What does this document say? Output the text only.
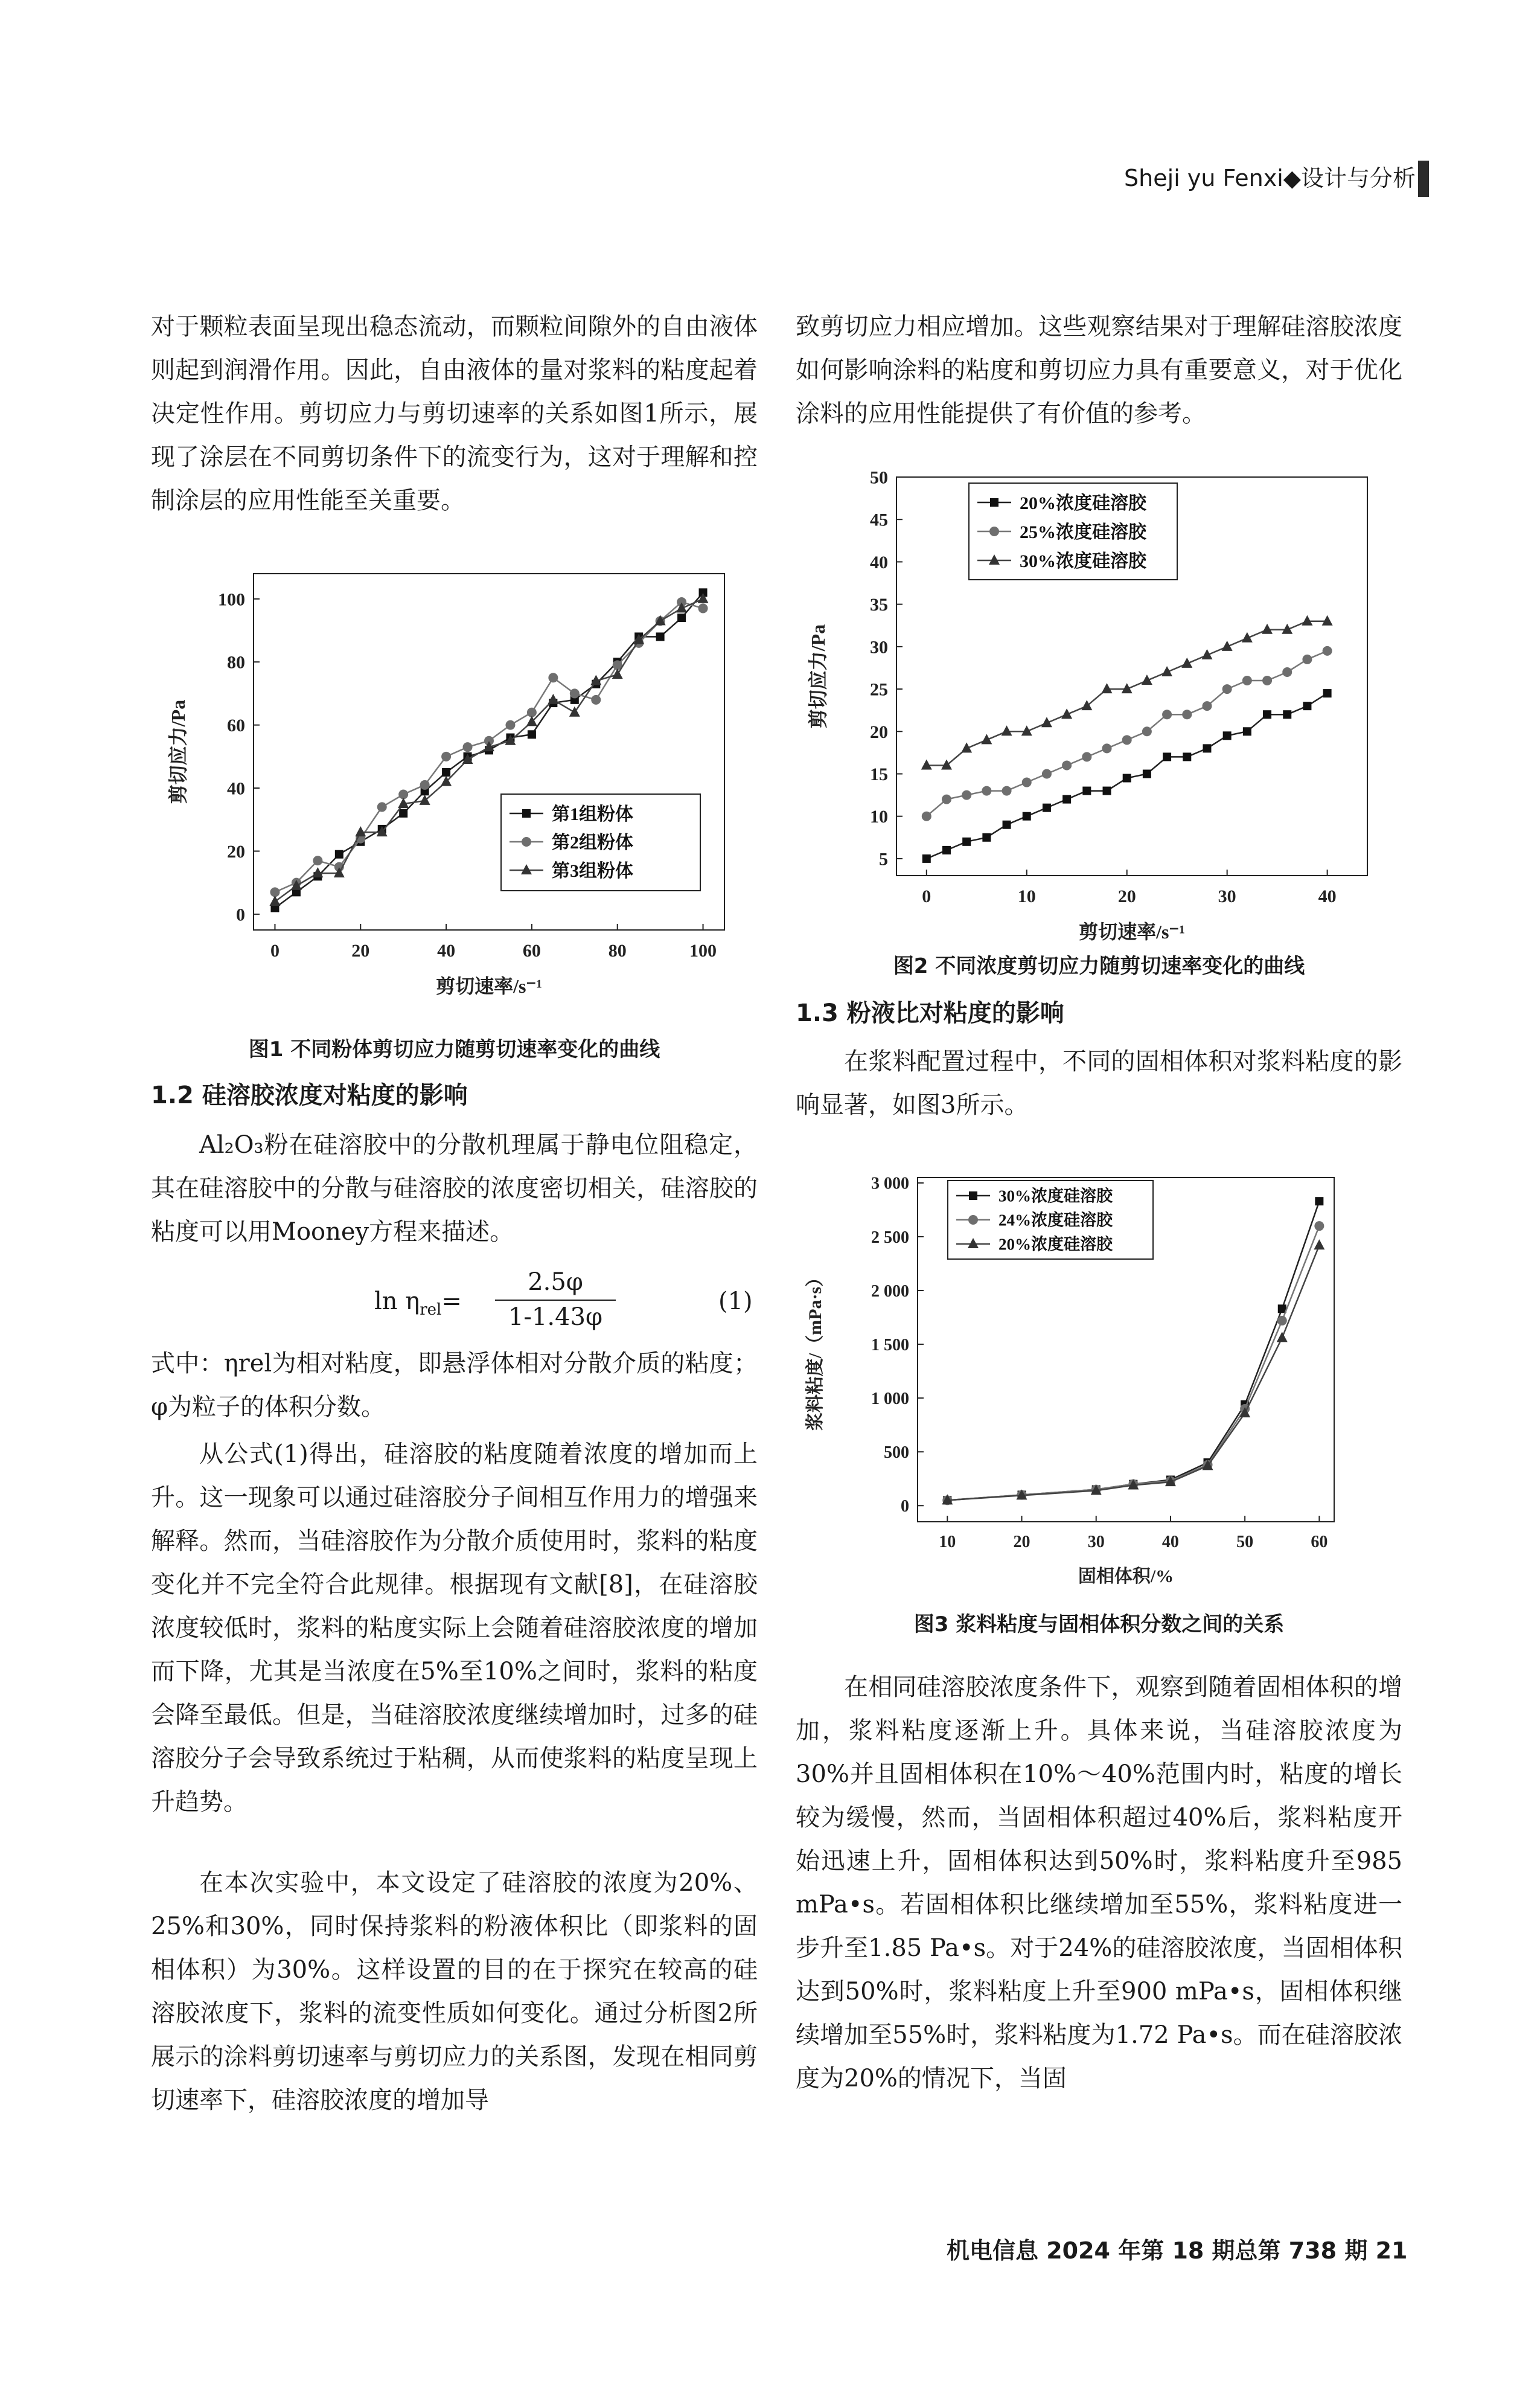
Sheji yu Fenxi◆设计与分析

对于颗粒表面呈现出稳态流动，而颗粒间隙外的自由液体则起到润滑作用。因此，自由液体的量对浆料的粘度起着决定性作用。剪切应力与剪切速率的关系如图1所示，展现了涂层在不同剪切条件下的流变行为，这对于理解和控制涂层的应用性能至关重要。

0
20
40
60
80
100
0	20	40	60	80	100
剪切速率/s⁻¹
剪切应力/Pa
第1组粉体
第2组粉体
第3组粉体
图1 不同粉体剪切应力随剪切速率变化的曲线
1.2 硅溶胶浓度对粘度的影响

Al₂O₃粉在硅溶胶中的分散机理属于静电位阻稳定，其在硅溶胶中的分散与硅溶胶的浓度密切相关，硅溶胶的粘度可以用Mooney方程来描述。

$\ln \eta_{rel}=$
2.5φ
1-1.43φ
(1)

式中：ηrel为相对粘度，即悬浮体相对分散介质的粘度；φ为粒子的体积分数。

从公式(1)得出，硅溶胶的粘度随着浓度的增加而上升。这一现象可以通过硅溶胶分子间相互作用力的增强来解释。然而，当硅溶胶作为分散介质使用时，浆料的粘度变化并不完全符合此规律。根据现有文献[8]，在硅溶胶浓度较低时，浆料的粘度实际上会随着硅溶胶浓度的增加而下降，尤其是当浓度在5%至10%之间时，浆料的粘度会降至最低。但是，当硅溶胶浓度继续增加时，过多的硅溶胶分子会导致系统过于粘稠，从而使浆料的粘度呈现上升趋势。

在本次实验中，本文设定了硅溶胶的浓度为20%、25%和30%，同时保持浆料的粉液体积比（即浆料的固相体积）为30%。这样设置的目的在于探究在较高的硅溶胶浓度下，浆料的流变性质如何变化。通过分析图2所展示的涂料剪切速率与剪切应力的关系图，发现在相同剪切速率下，硅溶胶浓度的增加导

致剪切应力相应增加。这些观察结果对于理解硅溶胶浓度如何影响涂料的粘度和剪切应力具有重要意义，对于优化涂料的应用性能提供了有价值的参考。

5
10
15
20
25
30
35
40
45
50
0	10	20	30	40
剪切速率/s⁻¹
剪切应力/Pa
20%浓度硅溶胶
25%浓度硅溶胶
30%浓度硅溶胶
图2 不同浓度剪切应力随剪切速率变化的曲线
1.3 粉液比对粘度的影响

在浆料配置过程中，不同的固相体积对浆料粘度的影响显著，如图3所示。

0
500
1 000
1 500
2 000
2 500
3 000
10	20	30	40	50	60
固相体积/%
浆料粘度/（mPa·s）
30%浓度硅溶胶
24%浓度硅溶胶
20%浓度硅溶胶
图3 浆料粘度与固相体积分数之间的关系

在相同硅溶胶浓度条件下，观察到随着固相体积的增加，浆料粘度逐渐上升。具体来说，当硅溶胶浓度为30%并且固相体积在10%～40%范围内时，粘度的增长较为缓慢，然而，当固相体积超过40%后，浆料粘度开始迅速上升，固相体积达到50%时，浆料粘度升至985 mPa•s。若固相体积比继续增加至55%，浆料粘度进一步升至1.85 Pa•s。对于24%的硅溶胶浓度，当固相体积达到50%时，浆料粘度上升至900 mPa•s，固相体积继续增加至55%时，浆料粘度为1.72 Pa•s。而在硅溶胶浓度为20%的情况下，当固

机电信息 2024 年第 18 期总第 738 期 21
